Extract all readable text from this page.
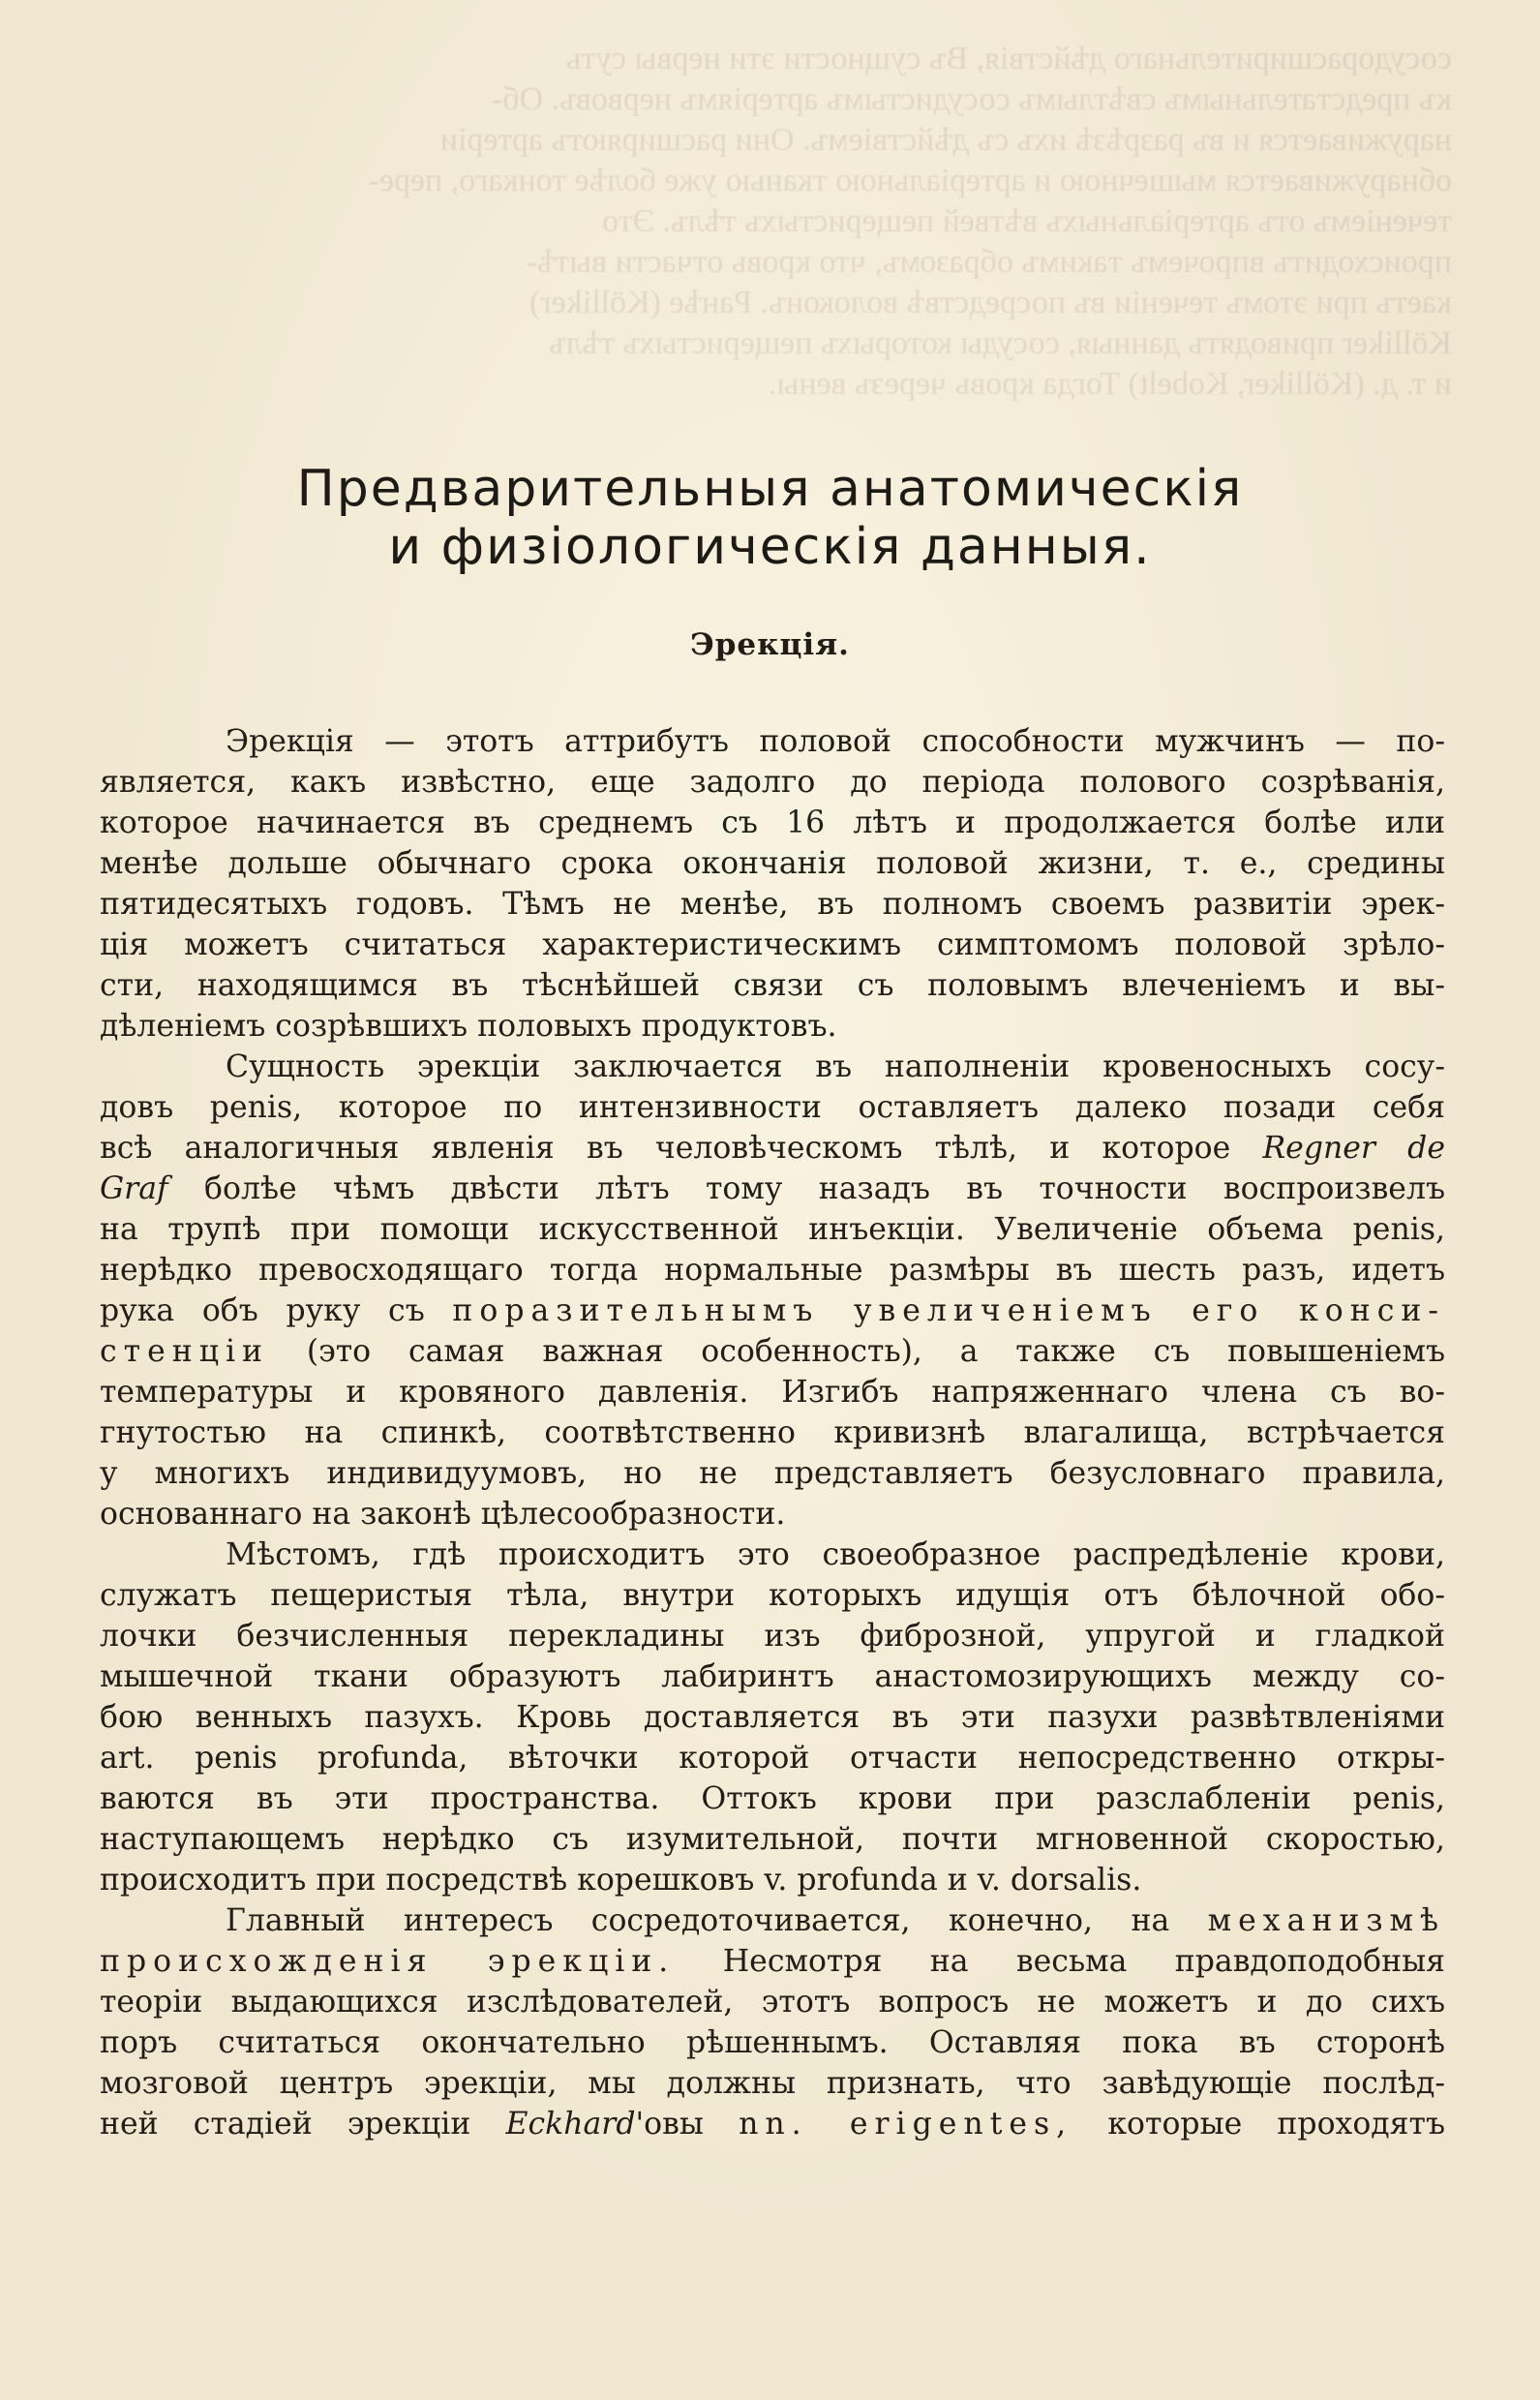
сосудорасширительнаго дѣйствія, Въ сущности эти нервы суть
къ предстательнымъ свѣтлымъ сосудистымъ артеріямъ нервовъ. Об-
наруживается и въ разрѣзѣ ихъ съ дѣйствіемъ. Они расширяютъ артеріи
обнаруживается мышечною и артеріальною тканью уже болѣе тонкаго, пере-
теченіемъ отъ артеріальныхъ вѣтвей пещеристыхъ тѣлъ. Это
происходитъ впрочемъ такимъ образомъ, что кровь отчасти вытѣ-
каетъ при этомъ теченіи въ посредствѣ волоконъ. Ранѣе (Kölliker)
Kölliker приводятъ данныя, сосуды которыхъ пещеристыхъ тѣлъ
и т. д. (Kölliker, Kobelt) Тогда кровь черезъ вены.
Предварительныя анатомическія
и физіологическія данныя.
Эрекція.
Эрекція — этотъ аттрибутъ половой способности мужчинъ — по-
является, какъ извѣстно, еще задолго до періода полового созрѣванія,
которое начинается въ среднемъ съ 16 лѣтъ и продолжается болѣе или
менѣе дольше обычнаго срока окончанія половой жизни, т. е., средины
пятидесятыхъ годовъ. Тѣмъ не менѣе, въ полномъ своемъ развитіи эрек-
ція можетъ считаться характеристическимъ симптомомъ половой зрѣло-
сти, находящимся въ тѣснѣйшей связи съ половымъ влеченіемъ и вы-
дѣленіемъ созрѣвшихъ половыхъ продуктовъ.
Сущность эрекціи заключается въ наполненіи кровеносныхъ сосу-
довъ penis, которое по интензивности оставляетъ далеко позади себя
всѣ аналогичныя явленія въ человѣческомъ тѣлѣ, и которое Regner de
Graf болѣе чѣмъ двѣсти лѣтъ тому назадъ въ точности воспроизвелъ
на трупѣ при помощи искусственной инъекціи. Увеличеніе объема penis,
нерѣдко превосходящаго тогда нормальные размѣры въ шесть разъ, идетъ
рука объ руку съ поразительнымъ увеличеніемъ его конси-
стенціи (это самая важная особенность), а также съ повышеніемъ
температуры и кровяного давленія. Изгибъ напряженнаго члена съ во-
гнутостью на спинкѣ, соотвѣтственно кривизнѣ влагалища, встрѣчается
у многихъ индивидуумовъ, но не представляетъ безусловнаго правила,
основаннаго на законѣ цѣлесообразности.
Мѣстомъ, гдѣ происходитъ это своеобразное распредѣленіе крови,
служатъ пещеристыя тѣла, внутри которыхъ идущія отъ бѣлочной обо-
лочки безчисленныя перекладины изъ фиброзной, упругой и гладкой
мышечной ткани образуютъ лабиринтъ анастомозирующихъ между со-
бою венныхъ пазухъ. Кровь доставляется въ эти пазухи развѣтвленіями
art. penis profunda, вѣточки которой отчасти непосредственно откры-
ваются въ эти пространства. Оттокъ крови при разслабленіи penis,
наступающемъ нерѣдко съ изумительной, почти мгновенной скоростью,
происходитъ при посредствѣ корешковъ v. profunda и v. dorsalis.
Главный интересъ сосредоточивается, конечно, на механизмѣ
происхожденія эрекціи. Несмотря на весьма правдоподобныя
теоріи выдающихся изслѣдователей, этотъ вопросъ не можетъ и до сихъ
поръ считаться окончательно рѣшеннымъ. Оставляя пока въ сторонѣ
мозговой центръ эрекціи, мы должны признать, что завѣдующіе послѣд-
ней стадіей эрекціи Eckhard'овы nn. erigentes, которые проходятъ
